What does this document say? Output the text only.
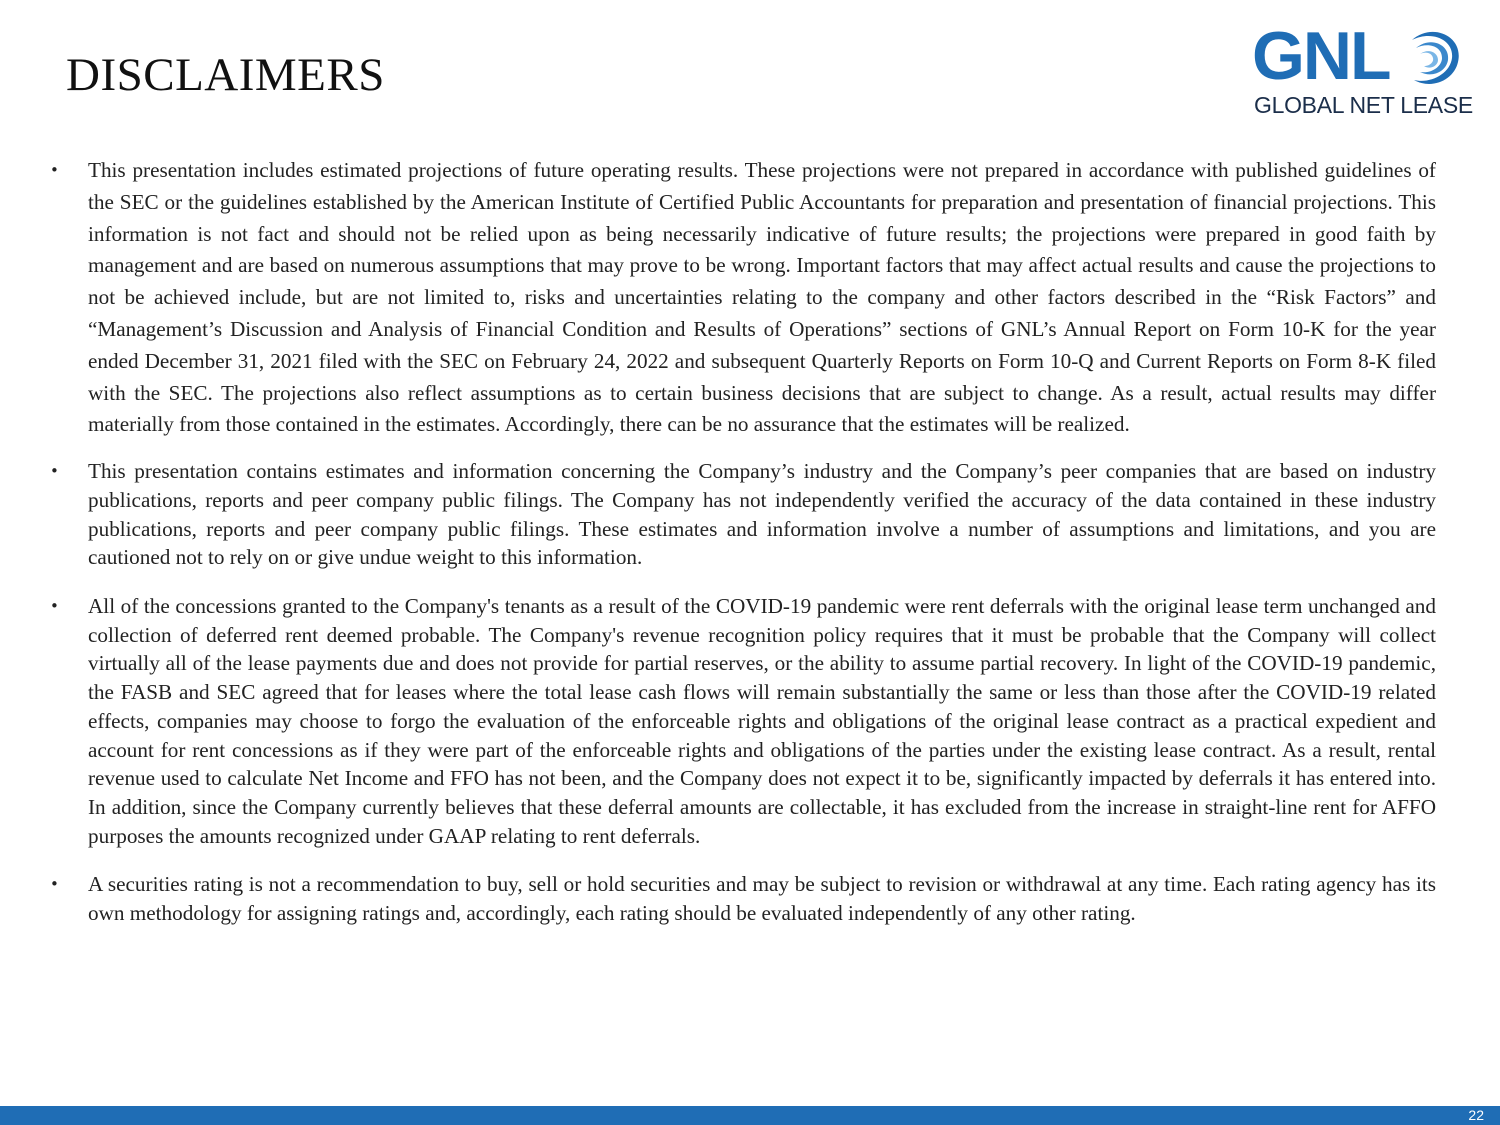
DISCLAIMERS	GNL
GLOBAL NET LEASE
•	This presentation includes estimated projections of future operating results. These projections were not prepared in accordance with published guidelines of the SEC or the guidelines established by the American Institute of Certified Public Accountants for preparation and presentation of financial projections. This information is not fact and should not be relied upon as being necessarily indicative of future results; the projections were prepared in good faith by management and are based on numerous assumptions that may prove to be wrong. Important factors that may affect actual results and cause the projections to not be achieved include, but are not limited to, risks and uncertainties relating to the company and other factors described in the “Risk Factors” and “Management’s Discussion and Analysis of Financial Condition and Results of Operations” sections of GNL’s Annual Report on Form 10-K for the year ended December 31, 2021 filed with the SEC on February 24, 2022 and subsequent Quarterly Reports on Form 10-Q and Current Reports on Form 8-K filed with the SEC. The projections also reflect assumptions as to certain business decisions that are subject to change. As a result, actual results may differ materially from those contained in the estimates. Accordingly, there can be no assurance that the estimates will be realized.
•	This presentation contains estimates and information concerning the Company’s industry and the Company’s peer companies that are based on industry publications, reports and peer company public filings. The Company has not independently verified the accuracy of the data contained in these industry publications, reports and peer company public filings. These estimates and information involve a number of assumptions and limitations, and you are cautioned not to rely on or give undue weight to this information.
•	All of the concessions granted to the Company's tenants as a result of the COVID-19 pandemic were rent deferrals with the original lease term unchanged and collection of deferred rent deemed probable. The Company's revenue recognition policy requires that it must be probable that the Company will collect virtually all of the lease payments due and does not provide for partial reserves, or the ability to assume partial recovery. In light of the COVID-19 pandemic, the FASB and SEC agreed that for leases where the total lease cash flows will remain substantially the same or less than those after the COVID-19 related effects, companies may choose to forgo the evaluation of the enforceable rights and obligations of the original lease contract as a practical expedient and account for rent concessions as if they were part of the enforceable rights and obligations of the parties under the existing lease contract. As a result, rental revenue used to calculate Net Income and FFO has not been, and the Company does not expect it to be, significantly impacted by deferrals it has entered into. In addition, since the Company currently believes that these deferral amounts are collectable, it has excluded from the increase in straight-line rent for AFFO purposes the amounts recognized under GAAP relating to rent deferrals.
•	A securities rating is not a recommendation to buy, sell or hold securities and may be subject to revision or withdrawal at any time. Each rating agency has its own methodology for assigning ratings and, accordingly, each rating should be evaluated independently of any other rating.
22
